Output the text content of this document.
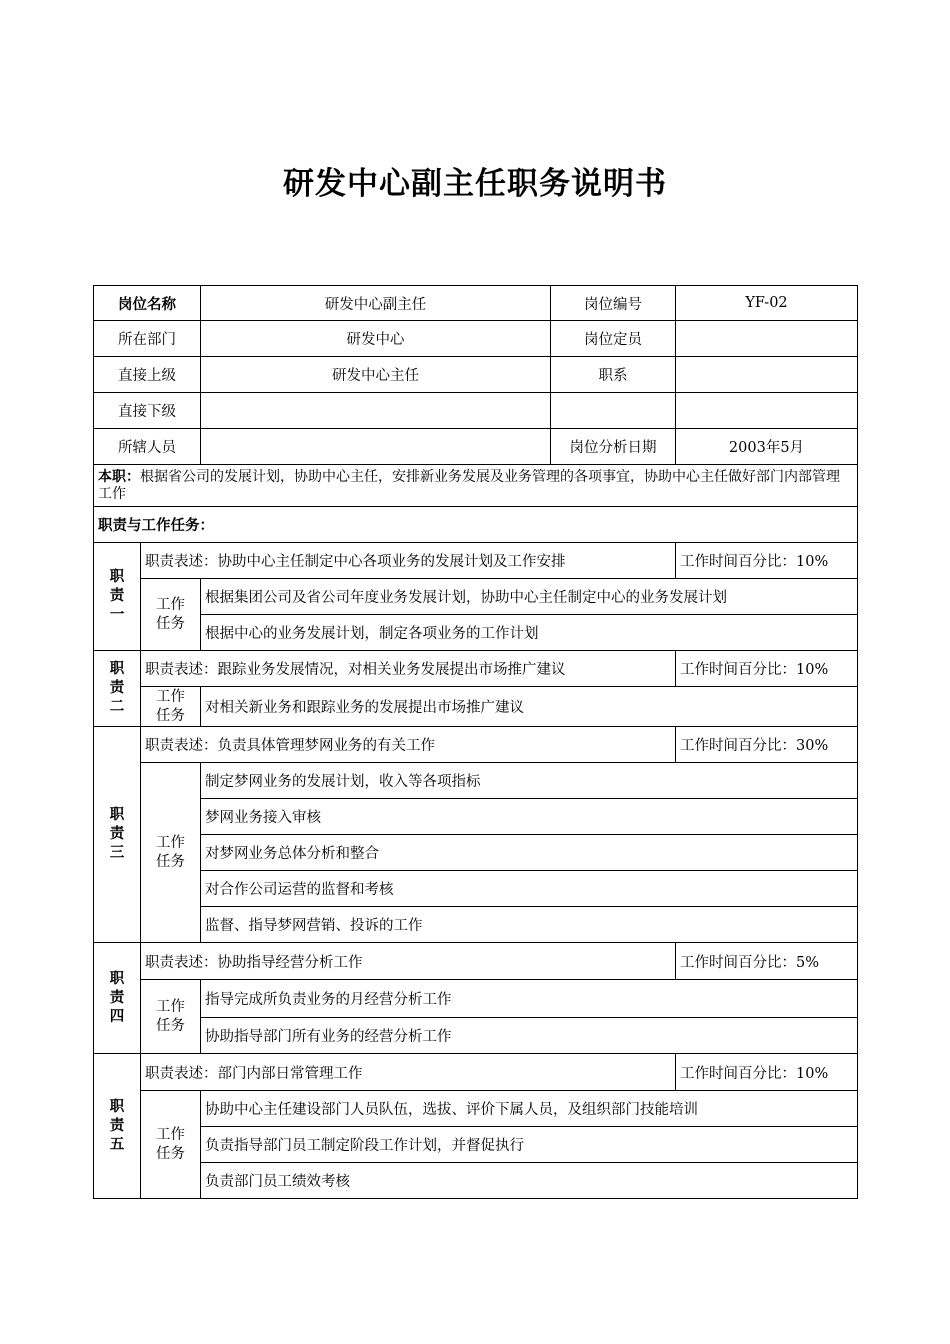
研发中心副主任职务说明书
岗位名称		研发中心副主任	岗位编号	YF-02
所在部门		研发中心	岗位定员	
直接上级		研发中心主任	职系	
直接下级				
所辖人员			岗位分析日期	2003年5月
本职：根据省公司的发展计划，协助中心主任，安排新业务发展及业务管理的各项事宜，协助中心主任做好部门内部管理工作				
职责与工作任务：				
职责一	职责表述：协助中心主任制定中心各项业务的发展计划及工作安排			工作时间百分比：10%
	工作
任务	根据集团公司及省公司年度业务发展计划，协助中心主任制定中心的业务发展计划		
		根据中心的业务发展计划，制定各项业务的工作计划		
职责二	职责表述：跟踪业务发展情况，对相关业务发展提出市场推广建议			工作时间百分比：10%
	工作
任务	对相关新业务和跟踪业务的发展提出市场推广建议		
职责三	职责表述：负责具体管理梦网业务的有关工作			工作时间百分比：30%
	工作
任务	制定梦网业务的发展计划，收入等各项指标		
		梦网业务接入审核		
		对梦网业务总体分析和整合		
		对合作公司运营的监督和考核		
		监督、指导梦网营销、投诉的工作		
职责四	职责表述：协助指导经营分析工作			工作时间百分比：5%
	工作
任务	指导完成所负责业务的月经营分析工作		
		协助指导部门所有业务的经营分析工作		
职责五	职责表述：部门内部日常管理工作			工作时间百分比：10%
	工作
任务	协助中心主任建设部门人员队伍，选拔、评价下属人员，及组织部门技能培训		
		负责指导部门员工制定阶段工作计划，并督促执行		
		负责部门员工绩效考核		
